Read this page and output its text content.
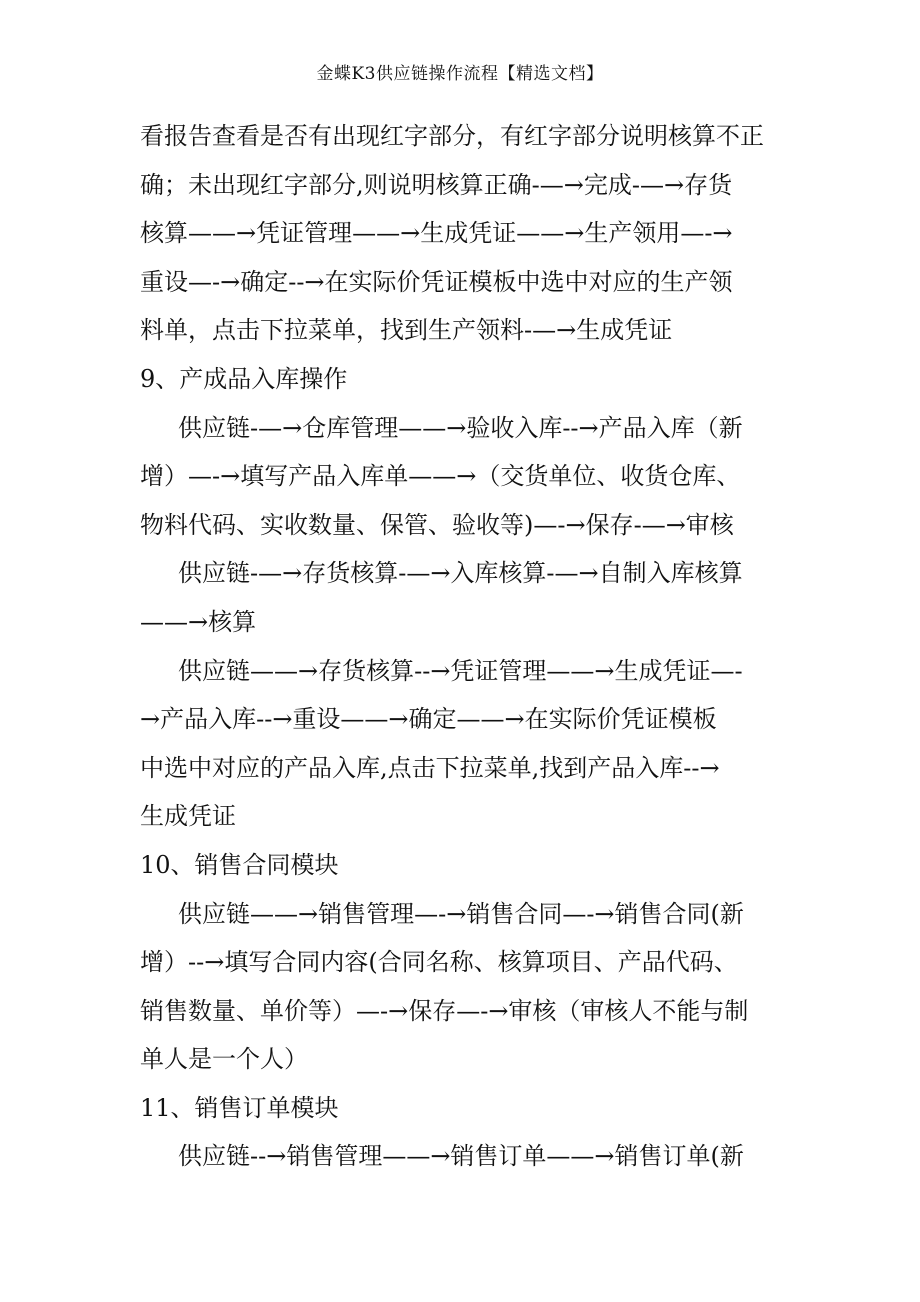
金蝶K3供应链操作流程【精选文档】
看报告查看是否有出现红字部分，有红字部分说明核算不正
确；未出现红字部分,则说明核算正确-—→完成-—→存货
核算——→凭证管理——→生成凭证——→生产领用—-→
重设—-→确定--→在实际价凭证模板中选中对应的生产领
料单，点击下拉菜单，找到生产领料-—→生成凭证
9、产成品入库操作
供应链-—→仓库管理——→验收入库--→产品入库（新
增）—-→填写产品入库单——→（交货单位、收货仓库、
物料代码、实收数量、保管、验收等)—-→保存-—→审核
供应链-—→存货核算-—→入库核算-—→自制入库核算
——→核算
供应链——→存货核算--→凭证管理——→生成凭证—-
→产品入库--→重设——→确定——→在实际价凭证模板
中选中对应的产品入库,点击下拉菜单,找到产品入库--→
生成凭证
10、销售合同模块
供应链——→销售管理—-→销售合同—-→销售合同(新
增）--→填写合同内容(合同名称、核算项目、产品代码、
销售数量、单价等）—-→保存—-→审核（审核人不能与制
单人是一个人）
11、销售订单模块
供应链--→销售管理——→销售订单——→销售订单(新
